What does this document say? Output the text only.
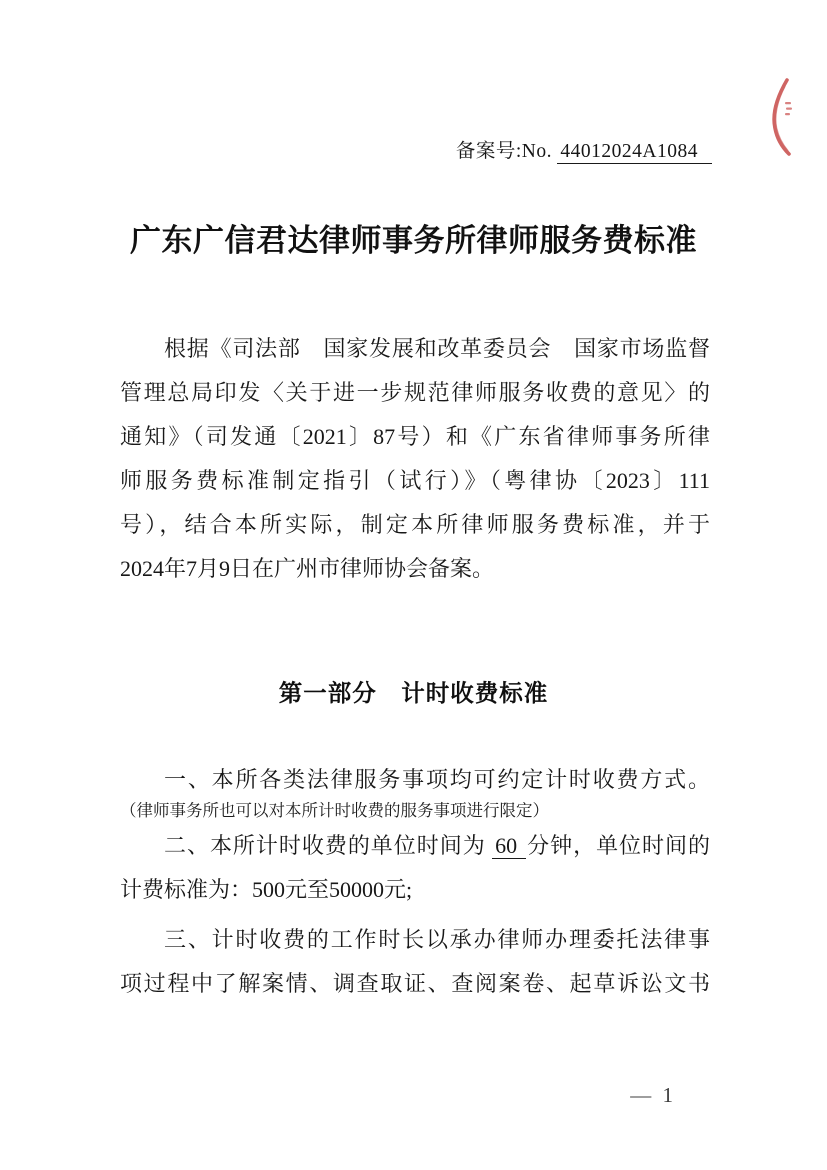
备案号:No. 44012024A1084
广东广信君达律师事务所律师服务费标准
根据《司法部　国家发展和改革委员会　国家市场监督
管理总局印发〈关于进一步规范律师服务收费的意见〉的
通知》（司发通〔2021〕87号）和《广东省律师事务所律
师服务费标准制定指引（试行）》（粤律协〔2023〕111
号），结合本所实际，制定本所律师服务费标准，并于
2024年7月9日在广州市律师协会备案。
第一部分　计时收费标准
一、本所各类法律服务事项均可约定计时收费方式。
（律师事务所也可以对本所计时收费的服务事项进行限定）
二、本所计时收费的单位时间为 60 分钟，单位时间的
计费标准为：500元至50000元;
三、计时收费的工作时长以承办律师办理委托法律事
项过程中了解案情、调查取证、查阅案卷、起草诉讼文书
— 1
